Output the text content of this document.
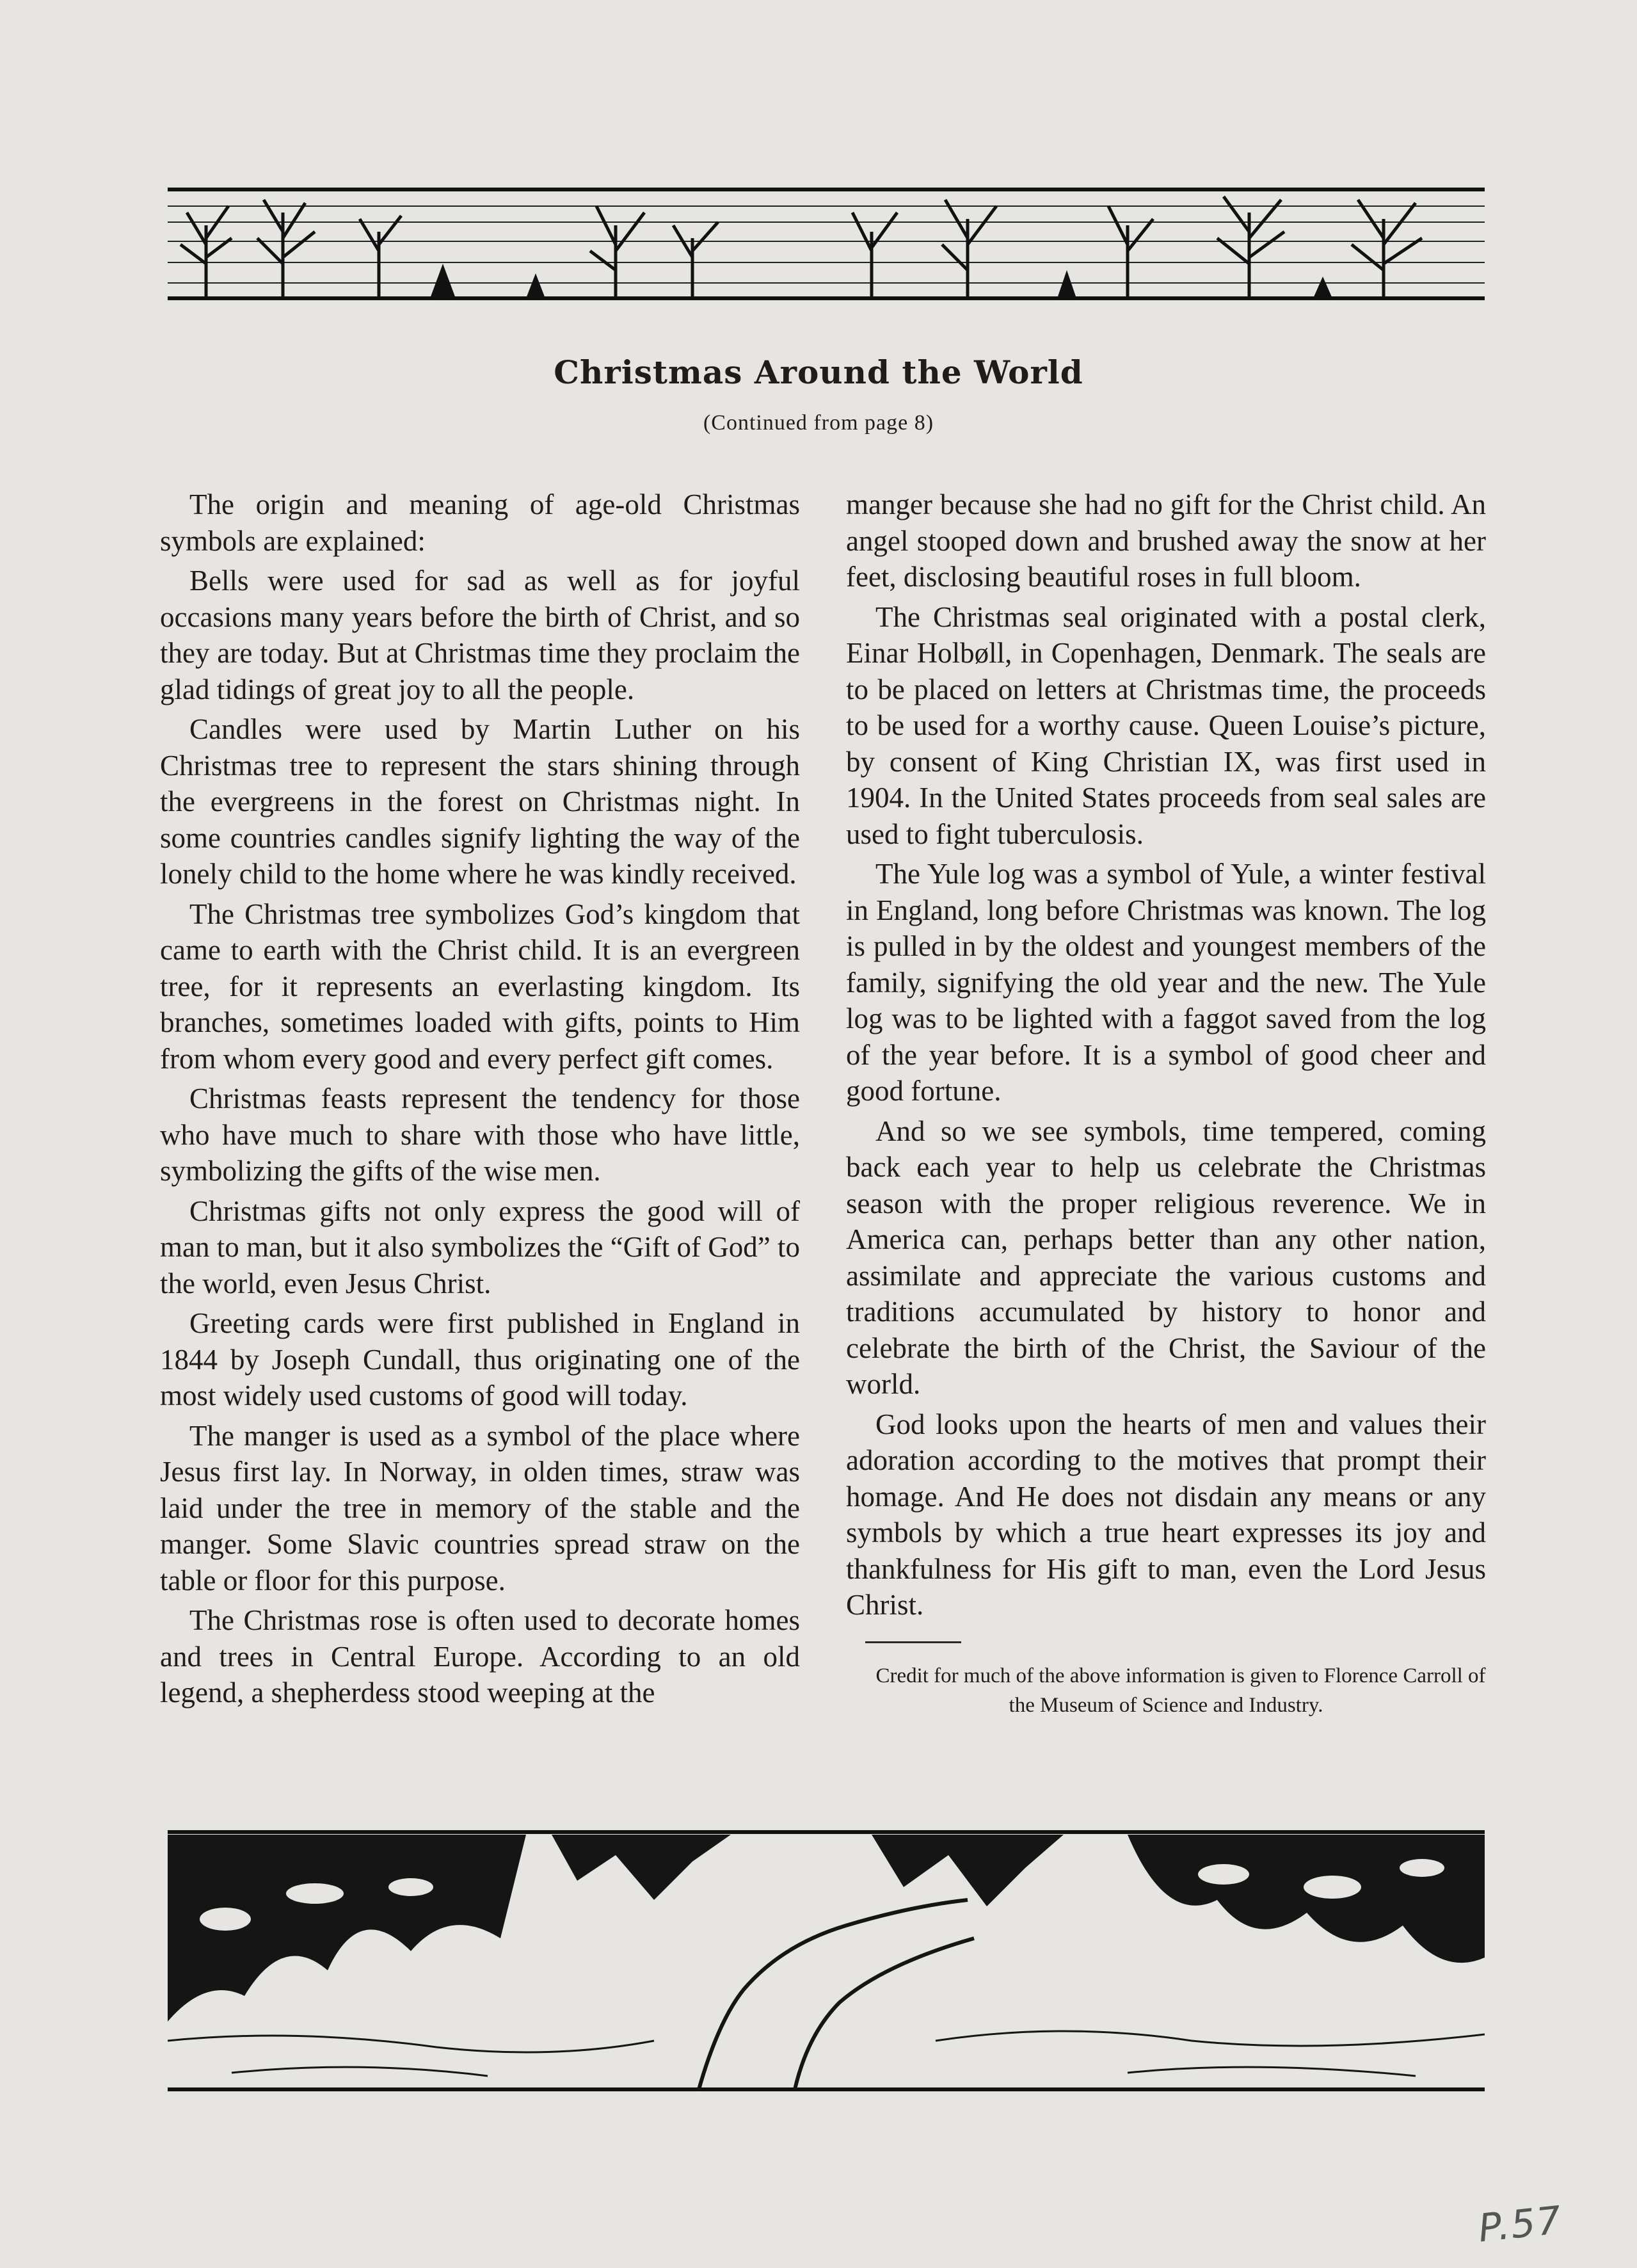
Christmas Around the World
(Continued from page 8)

The origin and meaning of age-old Christmas symbols are explained:

Bells were used for sad as well as for joyful occasions many years before the birth of Christ, and so they are today. But at Christmas time they proclaim the glad tidings of great joy to all the people.

Candles were used by Martin Luther on his Christmas tree to represent the stars shining through the evergreens in the forest on Christmas night. In some countries candles signify lighting the way of the lonely child to the home where he was kindly received.

The Christmas tree symbolizes God’s kingdom that came to earth with the Christ child. It is an evergreen tree, for it represents an everlasting kingdom. Its branches, sometimes loaded with gifts, points to Him from whom every good and every perfect gift comes.

Christmas feasts represent the tendency for those who have much to share with those who have little, symbolizing the gifts of the wise men.

Christmas gifts not only express the good will of man to man, but it also symbolizes the “Gift of God” to the world, even Jesus Christ.

Greeting cards were first published in England in 1844 by Joseph Cundall, thus originating one of the most widely used customs of good will today.

The manger is used as a symbol of the place where Jesus first lay. In Norway, in olden times, straw was laid under the tree in memory of the stable and the manger. Some Slavic countries spread straw on the table or floor for this purpose.

The Christmas rose is often used to decorate homes and trees in Central Europe. According to an old legend, a shepherdess stood weeping at the

manger because she had no gift for the Christ child. An angel stooped down and brushed away the snow at her feet, disclosing beautiful roses in full bloom.

The Christmas seal originated with a postal clerk, Einar Holbøll, in Copenhagen, Denmark. The seals are to be placed on letters at Christmas time, the proceeds to be used for a worthy cause. Queen Louise’s picture, by consent of King Christian IX, was first used in 1904. In the United States proceeds from seal sales are used to fight tuberculosis.

The Yule log was a symbol of Yule, a winter festival in England, long before Christmas was known. The log is pulled in by the oldest and youngest members of the family, signifying the old year and the new. The Yule log was to be lighted with a faggot saved from the log of the year before. It is a symbol of good cheer and good fortune.

And so we see symbols, time tempered, coming back each year to help us celebrate the Christmas season with the proper religious reverence. We in America can, perhaps better than any other nation, assimilate and appreciate the various customs and traditions accumulated by history to honor and celebrate the birth of the Christ, the Saviour of the world.

God looks upon the hearts of men and values their adoration according to the motives that prompt their homage. And He does not disdain any means or any symbols by which a true heart expresses its joy and thankfulness for His gift to man, even the Lord Jesus Christ.

Credit for much of the above information is given to Florence Carroll of the Museum of Science and Industry.

P.57
